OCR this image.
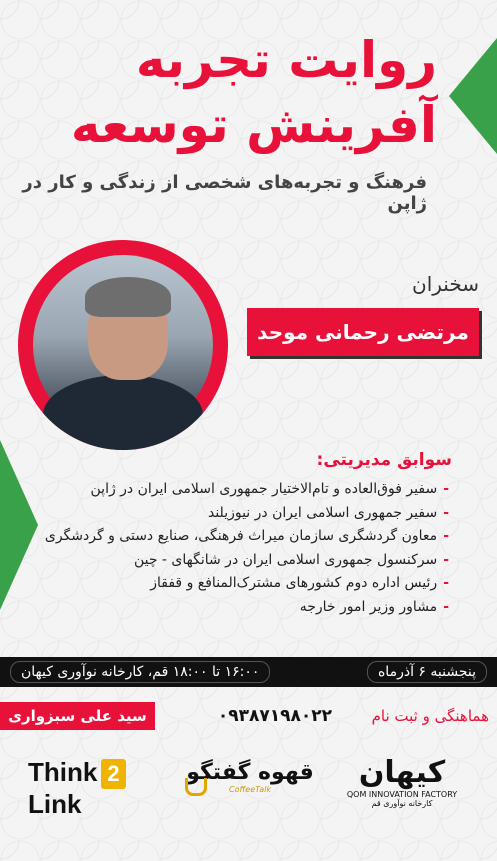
روایت تجربه
آفرینش توسعه
فرهنگ و تجربه‌های شخصی از زندگی و کار در ژاپن
سخنران
مرتضی رحمانی موحد
سوابق مدیریتی:
-
سفیر فوق‌العاده و تام‌الاختیار جمهوری اسلامی ایران در ژاپن
-
سفیر جمهوری اسلامی ایران در نیوزیلند
-
معاون گردشگری سازمان میراث فرهنگی، صنایع دستی و گردشگری
-
سرکنسول جمهوری اسلامی ایران در شانگهای - چین
-
رئیس اداره دوم کشورهای مشترک‌المنافع و قفقاز
-
مشاور وزیر امور خارجه
پنجشنبه ۶ آذرماه
۱۶:۰۰ تا ۱۸:۰۰ قم، کارخانه نوآوری کیهان
هماهنگی و ثبت نام
۰۹۳۸۷۱۹۸۰۲۲
سید علی سبزواری
کیهان
QOM INNOVATION FACTORY
کارخانه نوآوری قم
قهوه گفتگو
CoffeeTalk
Think 2
Link
